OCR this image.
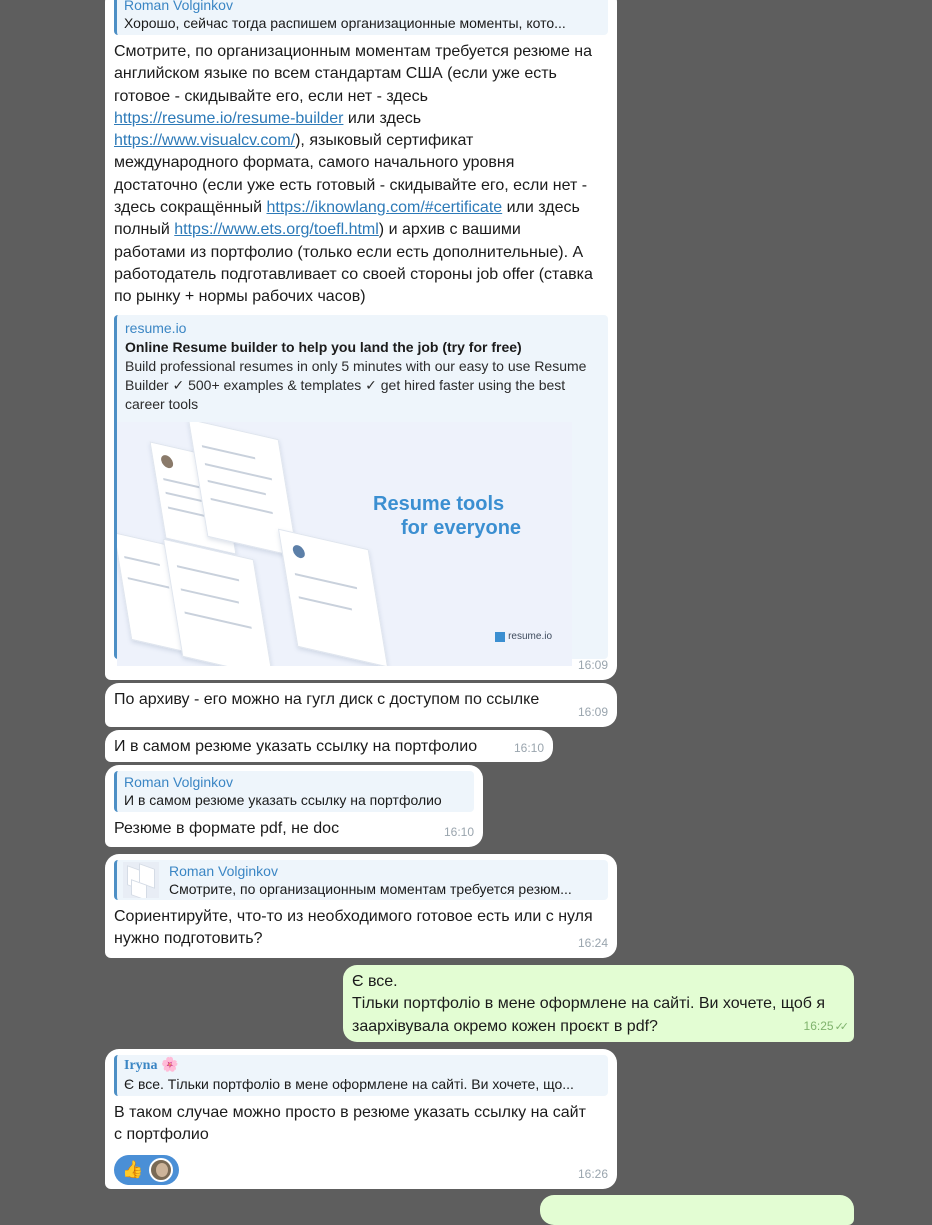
Roman Volginkov
Хорошо, сейчас тогда распишем организационные моменты, кото...
Смотрите, по организационным моментам требуется резюме на английском языке по всем стандартам США (если уже есть готовое - скидывайте его, если нет - здесь https://resume.io/resume-builder или здесь https://www.visualcv.com/), языковый сертификат международного формата, самого начального уровня достаточно (если уже есть готовый - скидывайте его, если нет - здесь сокращённый https://iknowlang.com/#certificate или здесь полный https://www.ets.org/toefl.html) и архив с вашими работами из портфолио (только если есть дополнительные). А работодатель подготавливает со своей стороны job offer (ставка по рынку + нормы рабочих часов)
resume.io
Online Resume builder to help you land the job (try for free)
Build professional resumes in only 5 minutes with our easy to use Resume Builder ✓ 500+ examples & templates ✓ get hired faster using the best career tools
Resume tools
for everyone
resume.io
16:09
По архиву - его можно на гугл диск с доступом по ссылке
16:09
И в самом резюме указать ссылку на портфолио	16:10
Roman Volginkov
И в самом резюме указать ссылку на портфолио
Резюме в формате pdf, не doc	16:10
Roman Volginkov
Смотрите, по организационным моментам требуется резюм...
Сориентируйте, что-то из необходимого готовое есть или с нуля нужно подготовить?	16:24
Є все.
Тільки портфоліо в мене оформлене на сайті. Ви хочете, щоб я заархівувала окремо кожен проєкт в pdf?	16:25✓✓
Iryna 🌸
Є все. Тільки портфоліо в мене оформлене на сайті. Ви хочете, що...
В таком случае можно просто в резюме указать ссылку на сайт с портфолио
👍	16:26
